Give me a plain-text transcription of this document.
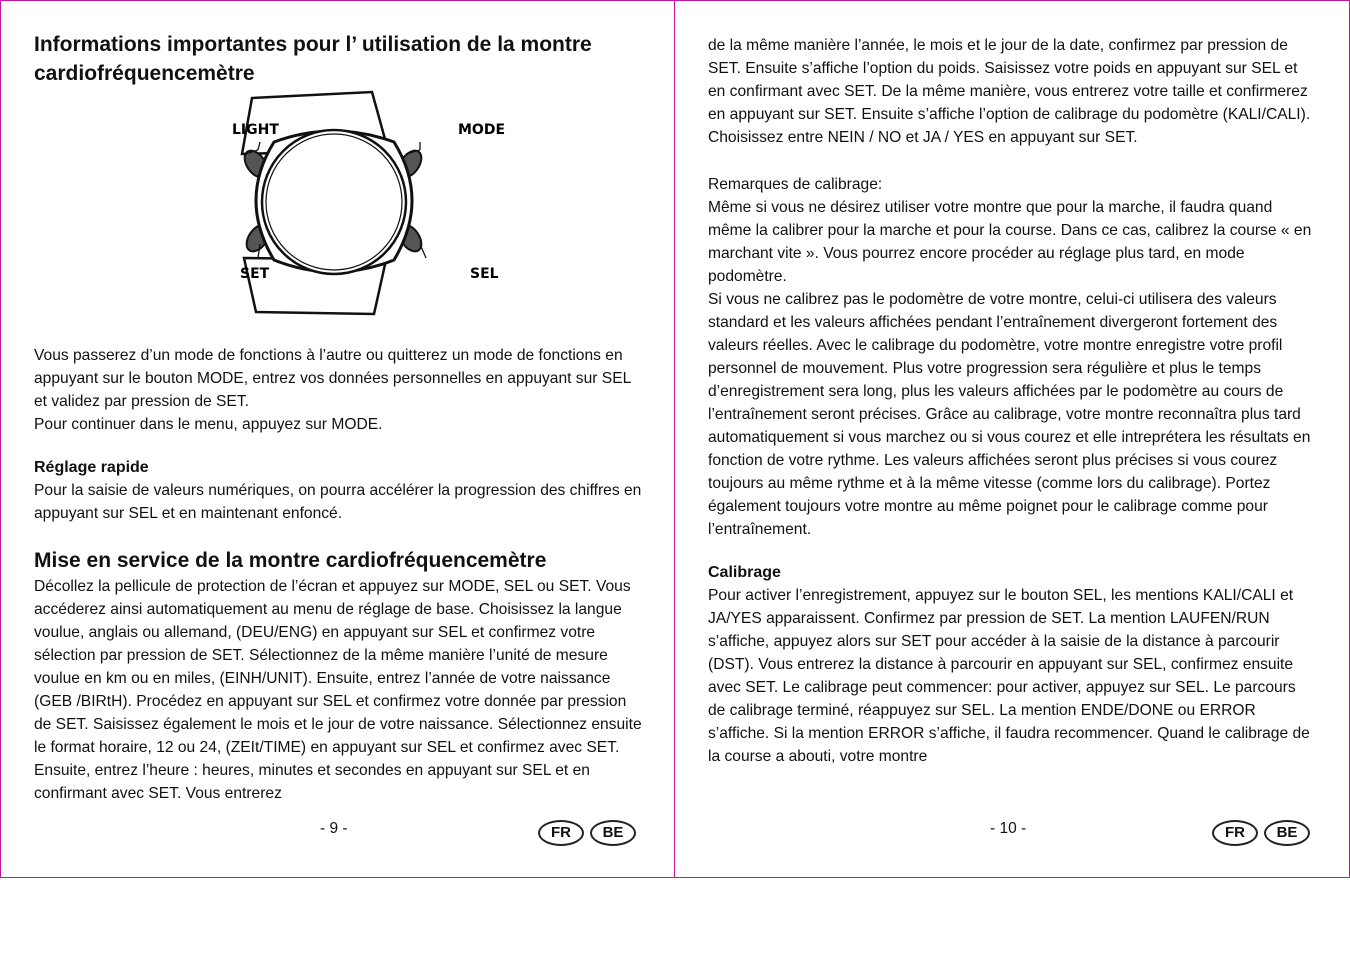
Informations importantes pour l’ utilisation de la montre cardiofréquencemètre
LIGHT	MODE
SET	SEL

Vous passerez d’un mode de fonctions à l’autre ou quitterez un mode de fonctions en appuyant sur le bouton MODE, entrez vos données personnelles en appuyant sur SEL et validez par pression de SET.

Pour continuer dans le menu, appuyez sur MODE.

Réglage rapide

Pour la saisie de valeurs numériques, on pourra accélérer la progression des chiffres en appuyant sur SEL et en maintenant enfoncé.

Mise en service de la montre cardiofréquencemètre

Décollez la pellicule de protection de l’écran et appuyez sur MODE, SEL ou SET. Vous accéderez ainsi automatiquement au menu de réglage de base. Choisissez la langue voulue, anglais ou allemand, (DEU/ENG) en appuyant sur SEL et confirmez votre sélection par pression de SET. Sélectionnez de la même manière l’unité de mesure voulue en km ou en miles, (EINH/UNIT). Ensuite, entrez l’année de votre naissance (GEB /BIRtH). Procédez en appuyant sur SEL et confirmez votre donnée par pression de SET. Saisissez également le mois et le jour de votre naissance. Sélectionnez ensuite le format horaire, 12 ou 24, (ZEIt/TIME) en appuyant sur SEL et confirmez avec SET. Ensuite, entrez l’heure : heures, minutes et secondes en appuyant sur SEL et en confirmant avec SET. Vous entrerez

- 9 -	FR	BE

de la même manière l’année, le mois et le jour de la date, confirmez par pression de SET. Ensuite s’affiche l’option du poids. Saisissez votre poids en appuyant sur SEL et en confirmant avec SET. De la même manière, vous entrerez votre taille et confirmerez en appuyant sur SET. Ensuite s’affiche l’option de calibrage du podomètre (KALI/CALI). Choisissez entre NEIN / NO et JA / YES en appuyant sur SET.

Remarques de calibrage:

Même si vous ne désirez utiliser votre montre que pour la marche, il faudra quand même la calibrer pour la marche et pour la course. Dans ce cas, calibrez la course « en marchant vite ». Vous pourrez encore procéder au réglage plus tard, en mode podomètre.

Si vous ne calibrez pas le podomètre de votre montre, celui-ci utilisera des valeurs standard et les valeurs affichées pendant l’entraînement divergeront fortement des valeurs réelles. Avec le calibrage du podomètre, votre montre enregistre votre profil personnel de mouvement. Plus votre progression sera régulière et plus le temps d’enregistrement sera long, plus les valeurs affichées par le podomètre au cours de l’entraînement seront précises. Grâce au calibrage, votre montre reconnaîtra plus tard automatiquement si vous marchez ou si vous courez et elle intreprétera les résultats en fonction de votre rythme. Les valeurs affichées seront plus précises si vous courez toujours au même rythme et à la même vitesse (comme lors du calibrage). Portez également toujours votre montre au même poignet pour le calibrage comme pour l’entraînement.

Calibrage

Pour activer l’enregistrement, appuyez sur le bouton SEL, les mentions KALI/CALI et JA/YES apparaissent. Confirmez par pression de SET. La mention LAUFEN/RUN s’affiche, appuyez alors sur SET pour accéder à la saisie de la distance à parcourir (DST). Vous entrerez la distance à parcourir en appuyant sur SEL, confirmez ensuite avec SET. Le calibrage peut commencer: pour activer, appuyez sur SEL. Le parcours de calibrage terminé, réappuyez sur SEL. La mention ENDE/DONE ou ERROR s’affiche. Si la mention ERROR s’affiche, il faudra recommencer. Quand le calibrage de la course a abouti, votre montre

- 10 -	FR	BE
